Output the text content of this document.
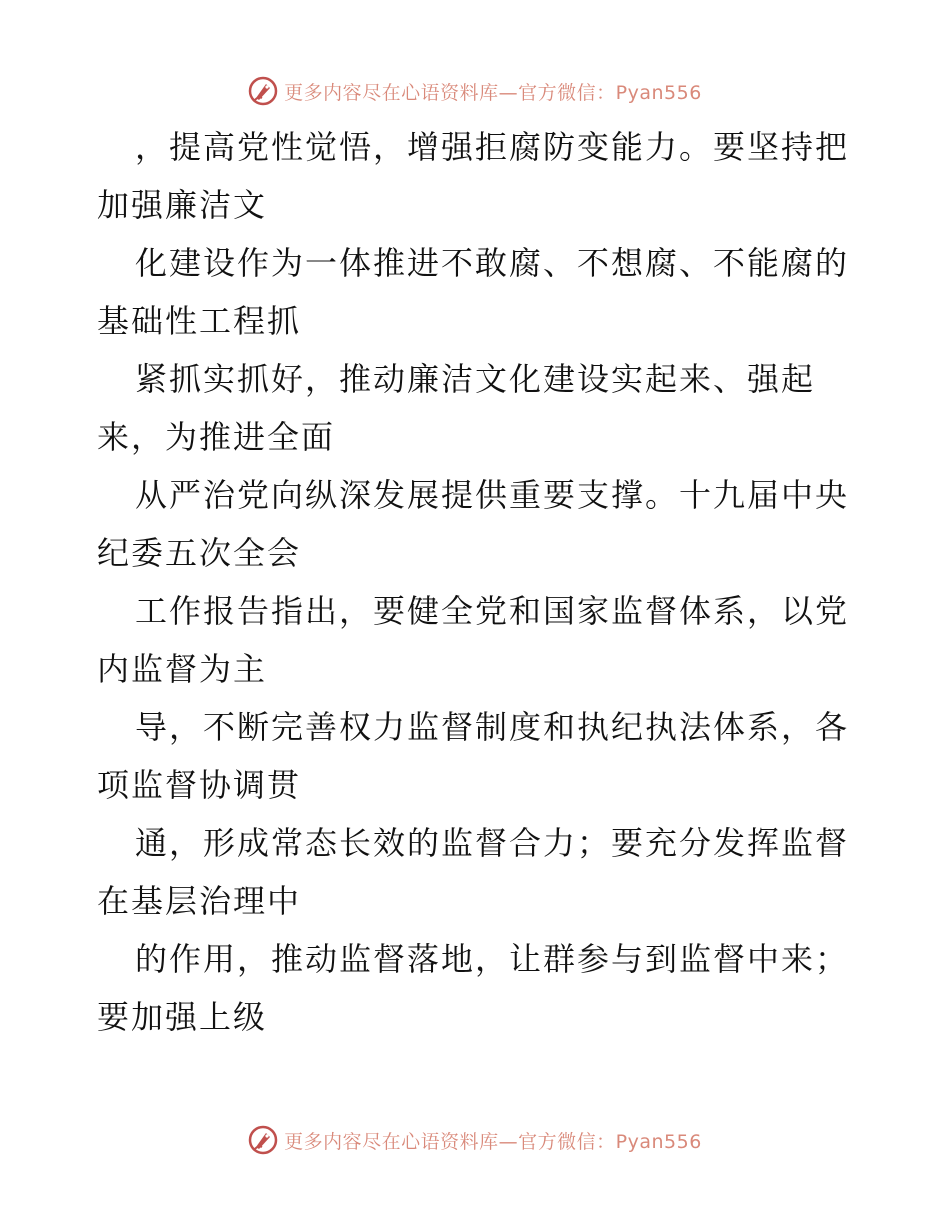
更多内容尽在心语资料库—官方微信：Pyan556
，提高党性觉悟，增强拒腐防变能力。要坚持把
加强廉洁文
化建设作为一体推进不敢腐、不想腐、不能腐的
基础性工程抓
紧抓实抓好，推动廉洁文化建设实起来、强起
来，为推进全面
从严治党向纵深发展提供重要支撑。十九届中央
纪委五次全会
工作报告指出，要健全党和国家监督体系，以党
内监督为主
导，不断完善权力监督制度和执纪执法体系，各
项监督协调贯
通，形成常态长效的监督合力；要充分发挥监督
在基层治理中
的作用，推动监督落地，让群参与到监督中来；
要加强上级
更多内容尽在心语资料库—官方微信：Pyan556
